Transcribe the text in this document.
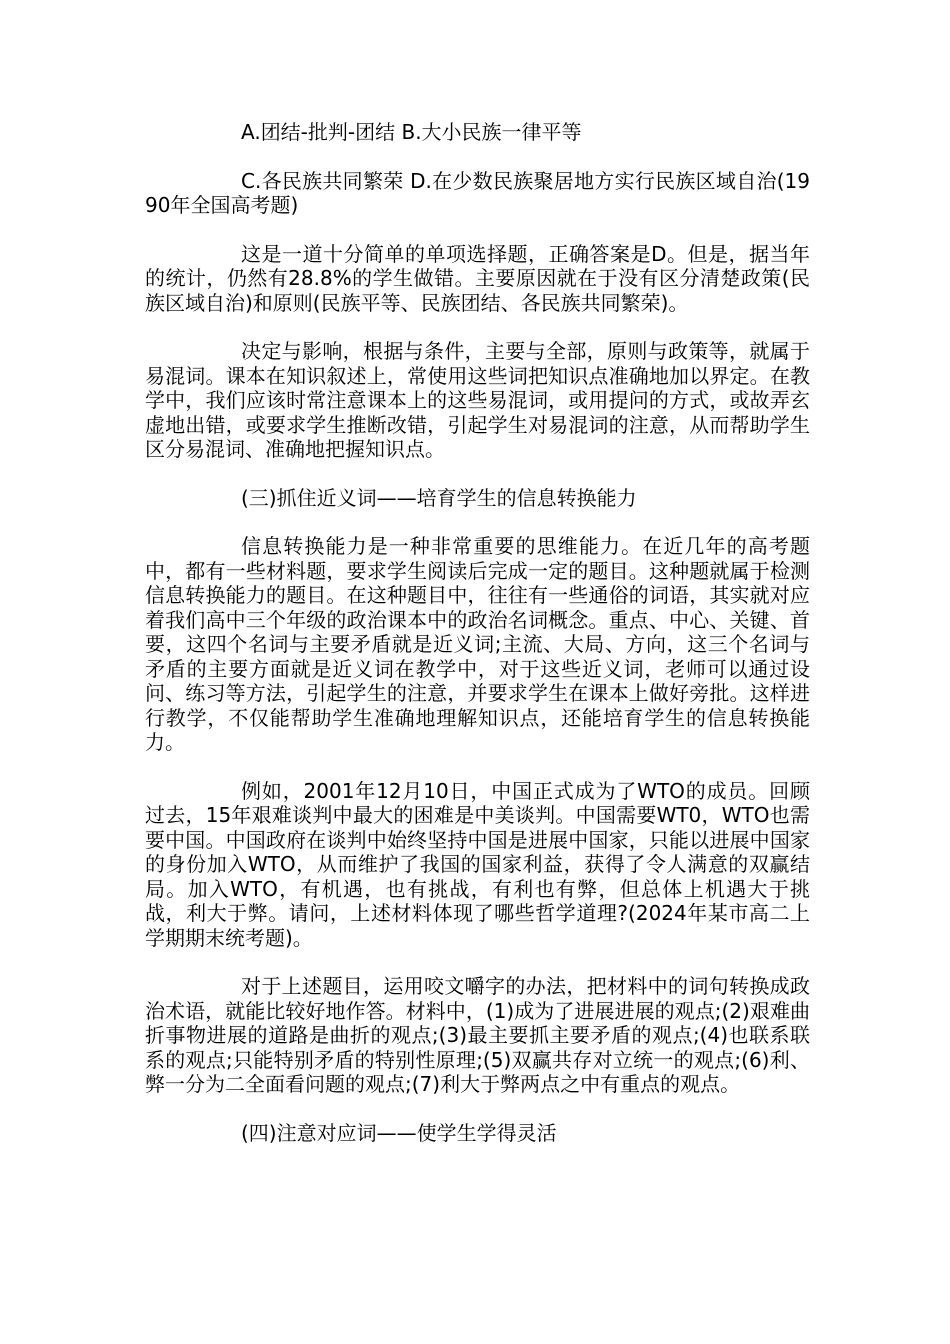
A.团结-批判-团结 B.大小民族一律平等

C.各民族共同繁荣 D.在少数民族聚居地方实行民族区域自治(1990年全国高考题)

这是一道十分简单的单项选择题，正确答案是D。但是，据当年的统计，仍然有28.8%的学生做错。主要原因就在于没有区分清楚政策(民族区域自治)和原则(民族平等、民族团结、各民族共同繁荣)。

决定与影响，根据与条件，主要与全部，原则与政策等，就属于易混词。课本在知识叙述上，常使用这些词把知识点准确地加以界定。在教学中，我们应该时常注意课本上的这些易混词，或用提问的方式，或故弄玄虚地出错，或要求学生推断改错，引起学生对易混词的注意，从而帮助学生区分易混词、准确地把握知识点。

(三)抓住近义词——培育学生的信息转换能力

信息转换能力是一种非常重要的思维能力。在近几年的高考题中，都有一些材料题，要求学生阅读后完成一定的题目。这种题就属于检测信息转换能力的题目。在这种题目中，往往有一些通俗的词语，其实就对应着我们高中三个年级的政治课本中的政治名词概念。重点、中心、关键、首要，这四个名词与主要矛盾就是近义词;主流、大局、方向，这三个名词与矛盾的主要方面就是近义词在教学中，对于这些近义词，老师可以通过设问、练习等方法，引起学生的注意，并要求学生在课本上做好旁批。这样进行教学，不仅能帮助学生准确地理解知识点，还能培育学生的信息转换能力。

例如，2001年12月10日，中国正式成为了WTO的成员。回顾过去，15年艰难谈判中最大的困难是中美谈判。中国需要WT0，WTO也需要中国。中国政府在谈判中始终坚持中国是进展中国家，只能以进展中国家的身份加入WTO，从而维护了我国的国家利益，获得了令人满意的双赢结局。加入WTO，有机遇，也有挑战，有利也有弊，但总体上机遇大于挑战，利大于弊。请问，上述材料体现了哪些哲学道理?(2024年某市高二上学期期末统考题)。

对于上述题目，运用咬文嚼字的办法，把材料中的词句转换成政治术语，就能比较好地作答。材料中，(1)成为了进展进展的观点;(2)艰难曲折事物进展的道路是曲折的观点;(3)最主要抓主要矛盾的观点;(4)也联系联系的观点;只能特别矛盾的特别性原理;(5)双赢共存对立统一的观点;(6)利、弊一分为二全面看问题的观点;(7)利大于弊两点之中有重点的观点。

(四)注意对应词——使学生学得灵活
